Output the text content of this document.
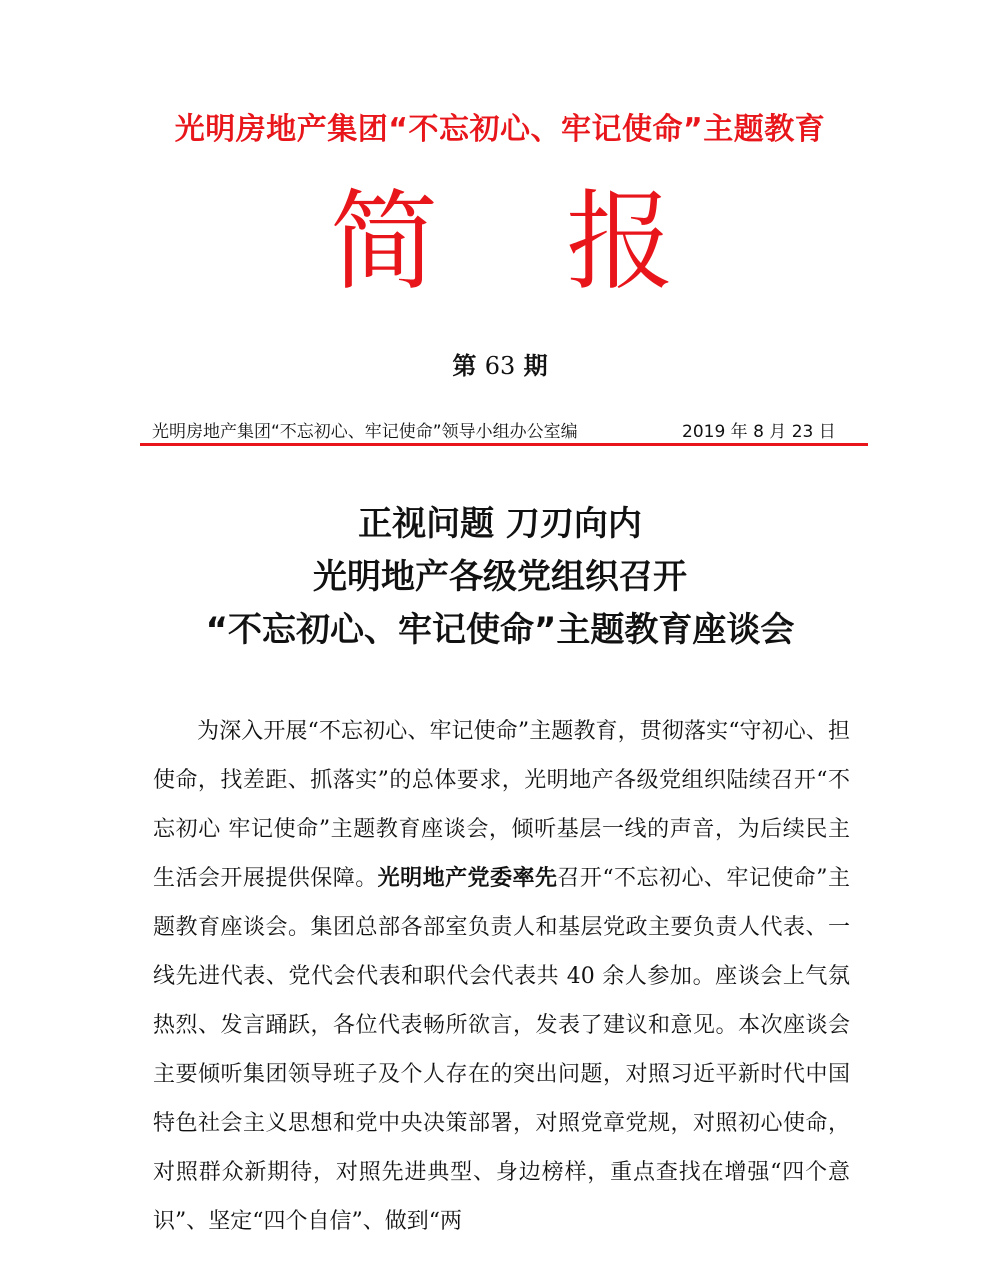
光明房地产集团“不忘初心、牢记使命”主题教育
简 报
第 63 期
光明房地产集团“不忘初心、牢记使命”领导小组办公室编	2019 年 8 月 23 日
正视问题 刀刃向内
光明地产各级党组织召开
“不忘初心、牢记使命”主题教育座谈会

为深入开展“不忘初心、牢记使命”主题教育，贯彻落实“守初心、担使命，找差距、抓落实”的总体要求，光明地产各级党组织陆续召开“不忘初心 牢记使命”主题教育座谈会，倾听基层一线的声音，为后续民主生活会开展提供保障。光明地产党委率先召开“不忘初心、牢记使命”主题教育座谈会。集团总部各部室负责人和基层党政主要负责人代表、一线先进代表、党代会代表和职代会代表共 40 余人参加。座谈会上气氛热烈、发言踊跃，各位代表畅所欲言，发表了建议和意见。本次座谈会主要倾听集团领导班子及个人存在的突出问题，对照习近平新时代中国特色社会主义思想和党中央决策部署，对照党章党规，对照初心使命，对照群众新期待，对照先进典型、身边榜样，重点查找在增强“四个意识”、坚定“四个自信”、做到“两
